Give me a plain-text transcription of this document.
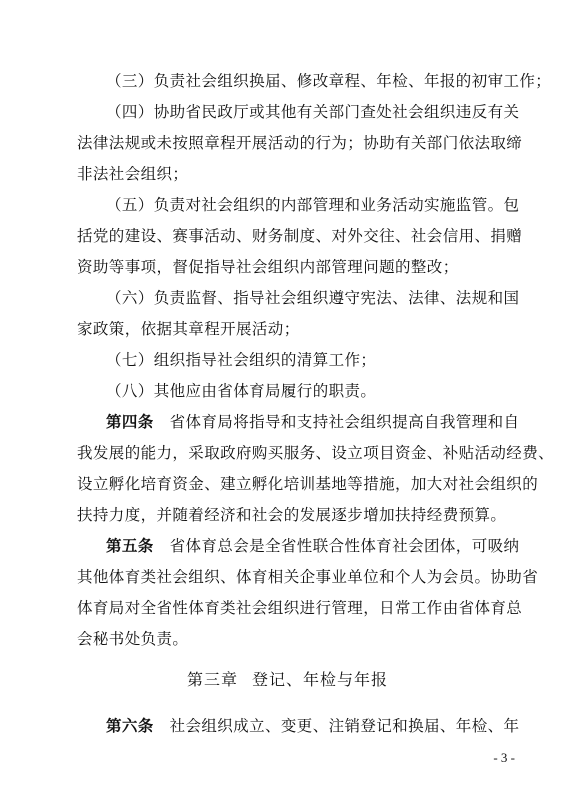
（三）负责社会组织换届、修改章程、年检、年报的初审工作；
（四）协助省民政厅或其他有关部门查处社会组织违反有关
法律法规或未按照章程开展活动的行为；协助有关部门依法取缔
非法社会组织；
（五）负责对社会组织的内部管理和业务活动实施监管。包
括党的建设、赛事活动、财务制度、对外交往、社会信用、捐赠
资助等事项，督促指导社会组织内部管理问题的整改；
（六）负责监督、指导社会组织遵守宪法、法律、法规和国
家政策，依据其章程开展活动；
（七）组织指导社会组织的清算工作；
（八）其他应由省体育局履行的职责。
第四条　省体育局将指导和支持社会组织提高自我管理和自
我发展的能力，采取政府购买服务、设立项目资金、补贴活动经费、
设立孵化培育资金、建立孵化培训基地等措施，加大对社会组织的
扶持力度，并随着经济和社会的发展逐步增加扶持经费预算。
第五条　省体育总会是全省性联合性体育社会团体，可吸纳
其他体育类社会组织、体育相关企事业单位和个人为会员。协助省
体育局对全省性体育类社会组织进行管理，日常工作由省体育总
会秘书处负责。
第三章 登记、年检与年报
第六条　社会组织成立、变更、注销登记和换届、年检、年
- 3 -
